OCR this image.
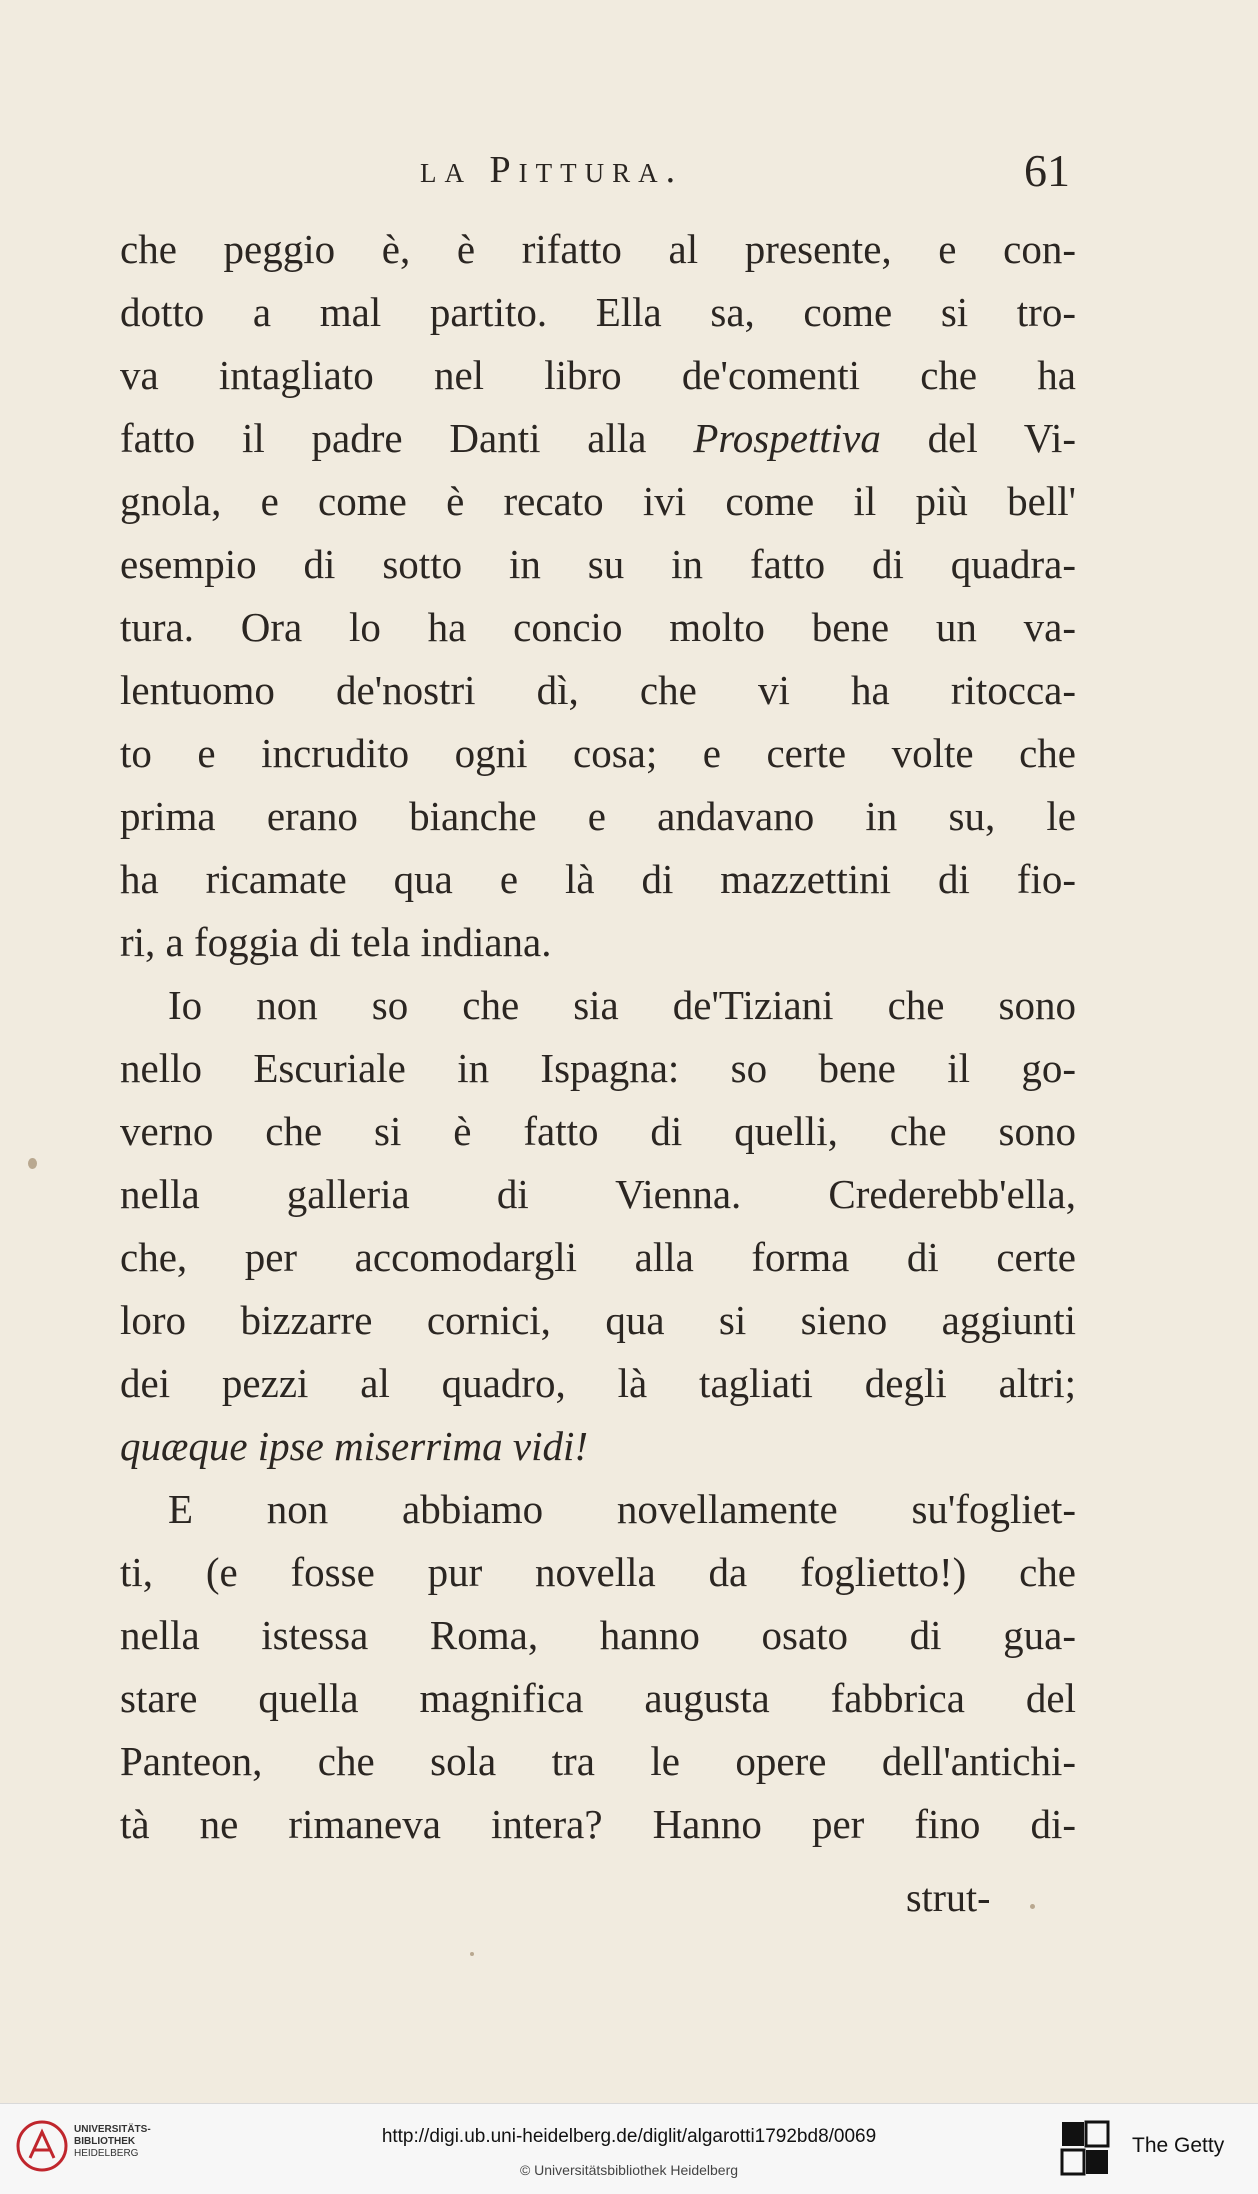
la Pittura.	61
che peggio è, è rifatto al presente, e con-
dotto a mal partito. Ella sa, come si tro-
va intagliato nel libro de'comenti che ha
fatto il padre Danti alla Prospettiva del Vi-
gnola, e come è recato ivi come il più bell'
esempio di sotto in su in fatto di quadra-
tura. Ora lo ha concio molto bene un va-
lentuomo de'nostri dì, che vi ha ritocca-
to e incrudito ogni cosa; e certe volte che
prima erano bianche e andavano in su, le
ha ricamate qua e là di mazzettini di fio-
ri, a foggia di tela indiana.
Io non so che sia de'Tiziani che sono
nello Escuriale in Ispagna: so bene il go-
verno che si è fatto di quelli, che sono
nella galleria di Vienna. Crederebb'ella,
che, per accomodargli alla forma di certe
loro bizzarre cornici, qua si sieno aggiunti
dei pezzi al quadro, là tagliati degli altri;
quæque ipse miserrima vidi!
E non abbiamo novellamente su'fogliet-
ti, (e fosse pur novella da foglietto!) che
nella istessa Roma, hanno osato di gua-
stare quella magnifica augusta fabbrica del
Panteon, che sola tra le opere dell'antichi-
tà ne rimaneva intera? Hanno per fino di-
strut-
UNIVERSITÄTS-
BIBLIOTHEK
HEIDELBERG
http://digi.ub.uni-heidelberg.de/diglit/algarotti1792bd8/0069
© Universitätsbibliothek Heidelberg
The Getty
